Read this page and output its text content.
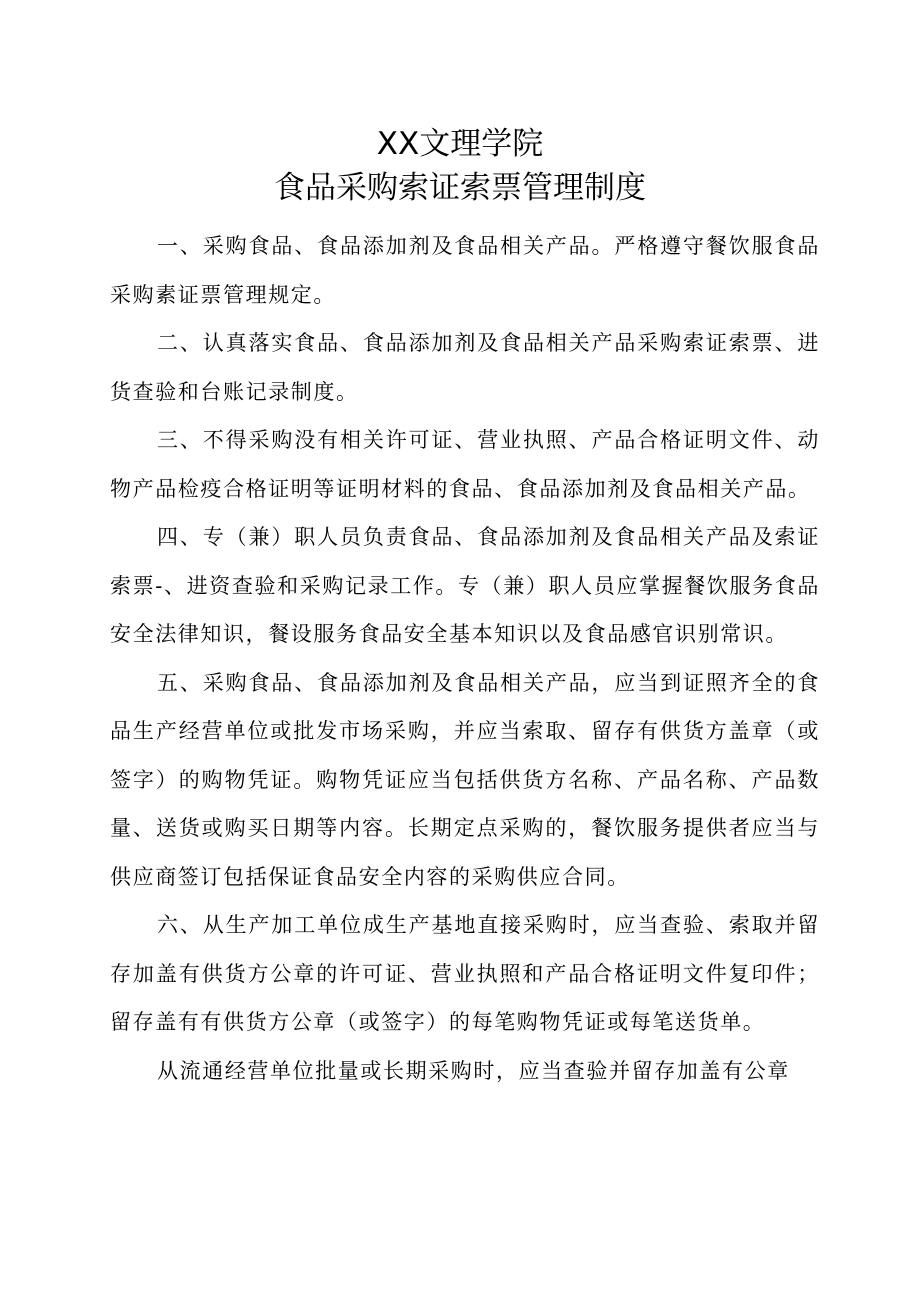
XX文理学院
食品采购索证索票管理制度

一、采购食品、食品添加剂及食品相关产品。严格遵守餐饮服食品采购素证票管理规定。

二、认真落实食品、食品添加剂及食品相关产品采购索证索票、进货查验和台账记录制度。

三、不得采购没有相关许可证、营业执照、产品合格证明文件、动物产品检疫合格证明等证明材料的食品、食品添加剂及食品相关产品。

四、专（兼）职人员负责食品、食品添加剂及食品相关产品及索证索票-、进资查验和采购记录工作。专（兼）职人员应掌握餐饮服务食品安全法律知识，餐设服务食品安全基本知识以及食品感官识别常识。

五、采购食品、食品添加剂及食品相关产品，应当到证照齐全的食品生产经营单位或批发市场采购，并应当索取、留存有供货方盖章（或签字）的购物凭证。购物凭证应当包括供货方名称、产品名称、产品数量、送货或购买日期等内容。长期定点采购的，餐饮服务提供者应当与供应商签订包括保证食品安全内容的采购供应合同。

六、从生产加工单位成生产基地直接采购时，应当查验、索取并留存加盖有供货方公章的许可证、营业执照和产品合格证明文件复印件；留存盖有有供货方公章（或签字）的每笔购物凭证或每笔送货单。

从流通经营单位批量或长期采购时，应当查验并留存加盖有公章
